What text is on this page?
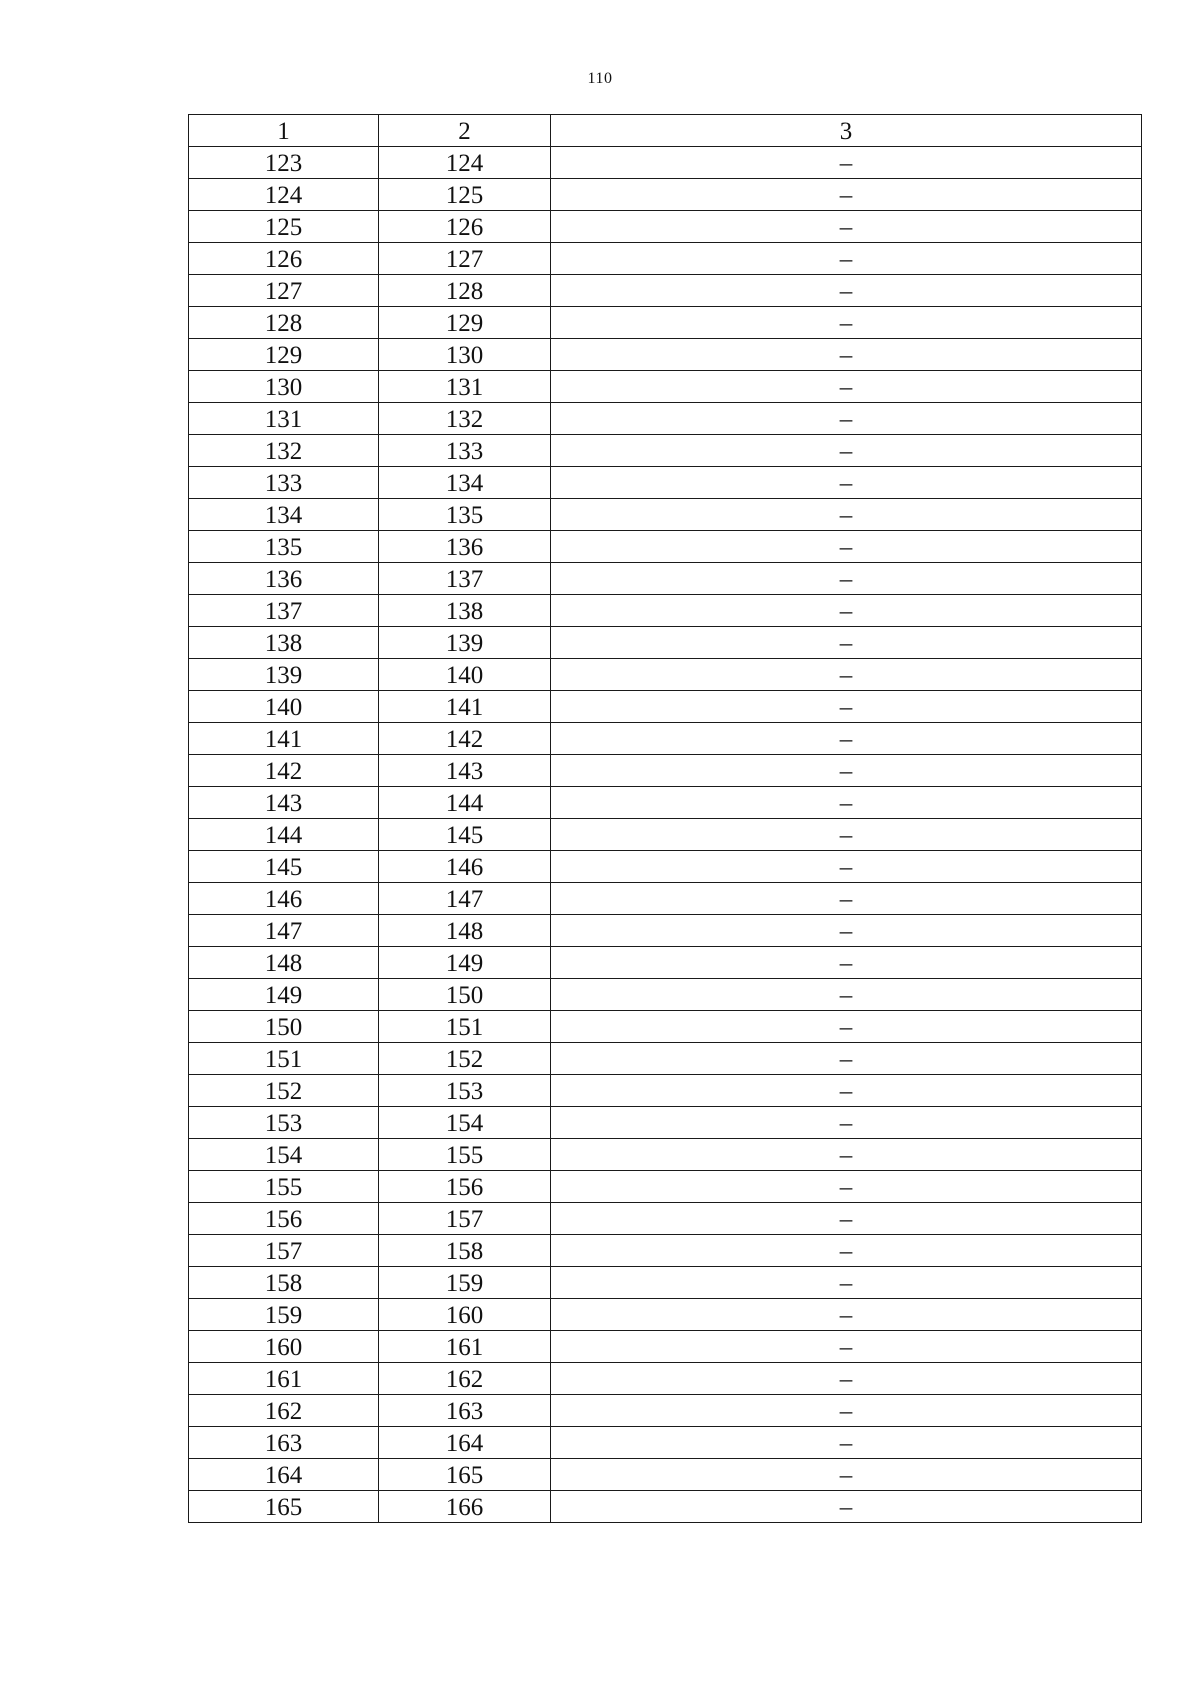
110
1	2	3
123	124	–
124	125	–
125	126	–
126	127	–
127	128	–
128	129	–
129	130	–
130	131	–
131	132	–
132	133	–
133	134	–
134	135	–
135	136	–
136	137	–
137	138	–
138	139	–
139	140	–
140	141	–
141	142	–
142	143	–
143	144	–
144	145	–
145	146	–
146	147	–
147	148	–
148	149	–
149	150	–
150	151	–
151	152	–
152	153	–
153	154	–
154	155	–
155	156	–
156	157	–
157	158	–
158	159	–
159	160	–
160	161	–
161	162	–
162	163	–
163	164	–
164	165	–
165	166	–
